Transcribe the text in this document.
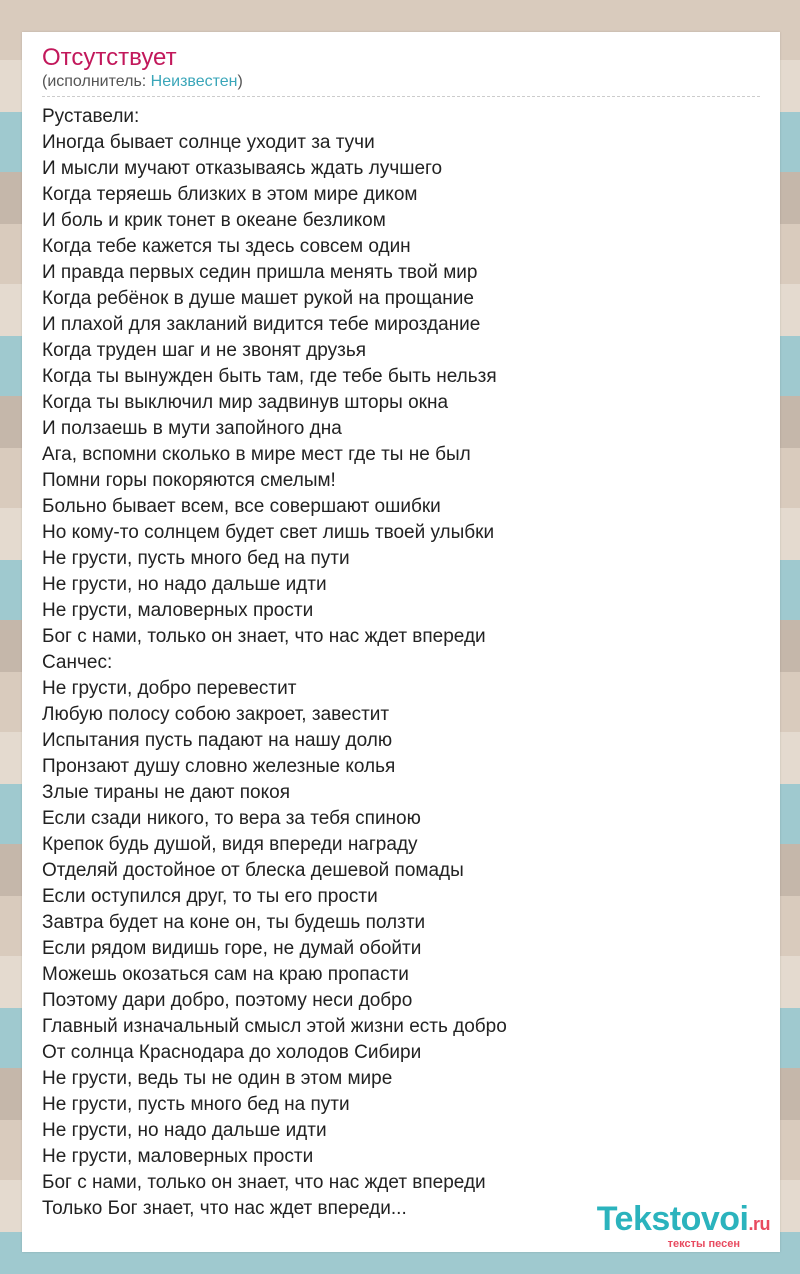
Отсутствует
(исполнитель: Неизвестен)
Руставели:
Иногда бывает солнце уходит за тучи
И мысли мучают отказываясь ждать лучшего
Когда теряешь близких в этом мире диком
И боль и крик тонет в океане безликом
Когда тебе кажется ты здесь совсем один
И правда первых седин пришла менять твой мир
Когда ребёнок в душе машет рукой на прощание
И плахой для закланий видится тебе мироздание
Когда труден шаг и не звонят друзья
Когда ты вынужден быть там, где тебе быть нельзя
Когда ты выключил мир задвинув шторы окна
И ползаешь в мути запойного дна
Ага, вспомни сколько в мире мест где ты не был
Помни горы покоряются смелым!
Больно бывает всем, все совершают ошибки
Но кому-то солнцем будет свет лишь твоей улыбки
Не грусти, пусть много бед на пути
Не грусти, но надо дальше идти
Не грусти, маловерных прости
Бог с нами, только он знает, что нас ждет впереди
Санчес:
Не грусти, добро перевестит
Любую полосу собою закроет, завестит
Испытания пусть падают на нашу долю
Пронзают душу словно железные колья
Злые тираны не дают покоя
Если сзади никого, то вера за тебя спиною
Крепок будь душой, видя впереди награду
Отделяй достойное от блеска дешевой помады
Если оступился друг, то ты его прости
Завтра будет на коне он, ты будешь ползти
Если рядом видишь горе, не думай обойти
Можешь окозаться сам на краю пропасти
Поэтому дари добро, поэтому неси добро
Главный изначальный смысл этой жизни есть добро
От солнца Краснодара до холодов Сибири
Не грусти, ведь ты не один в этом мире
Не грусти, пусть много бед на пути
Не грусти, но надо дальше идти
Не грусти, маловерных прости
Бог с нами, только он знает, что нас ждет впереди
Только Бог знает, что нас ждет впереди...	Tekstovoi.ru
тексты песен
